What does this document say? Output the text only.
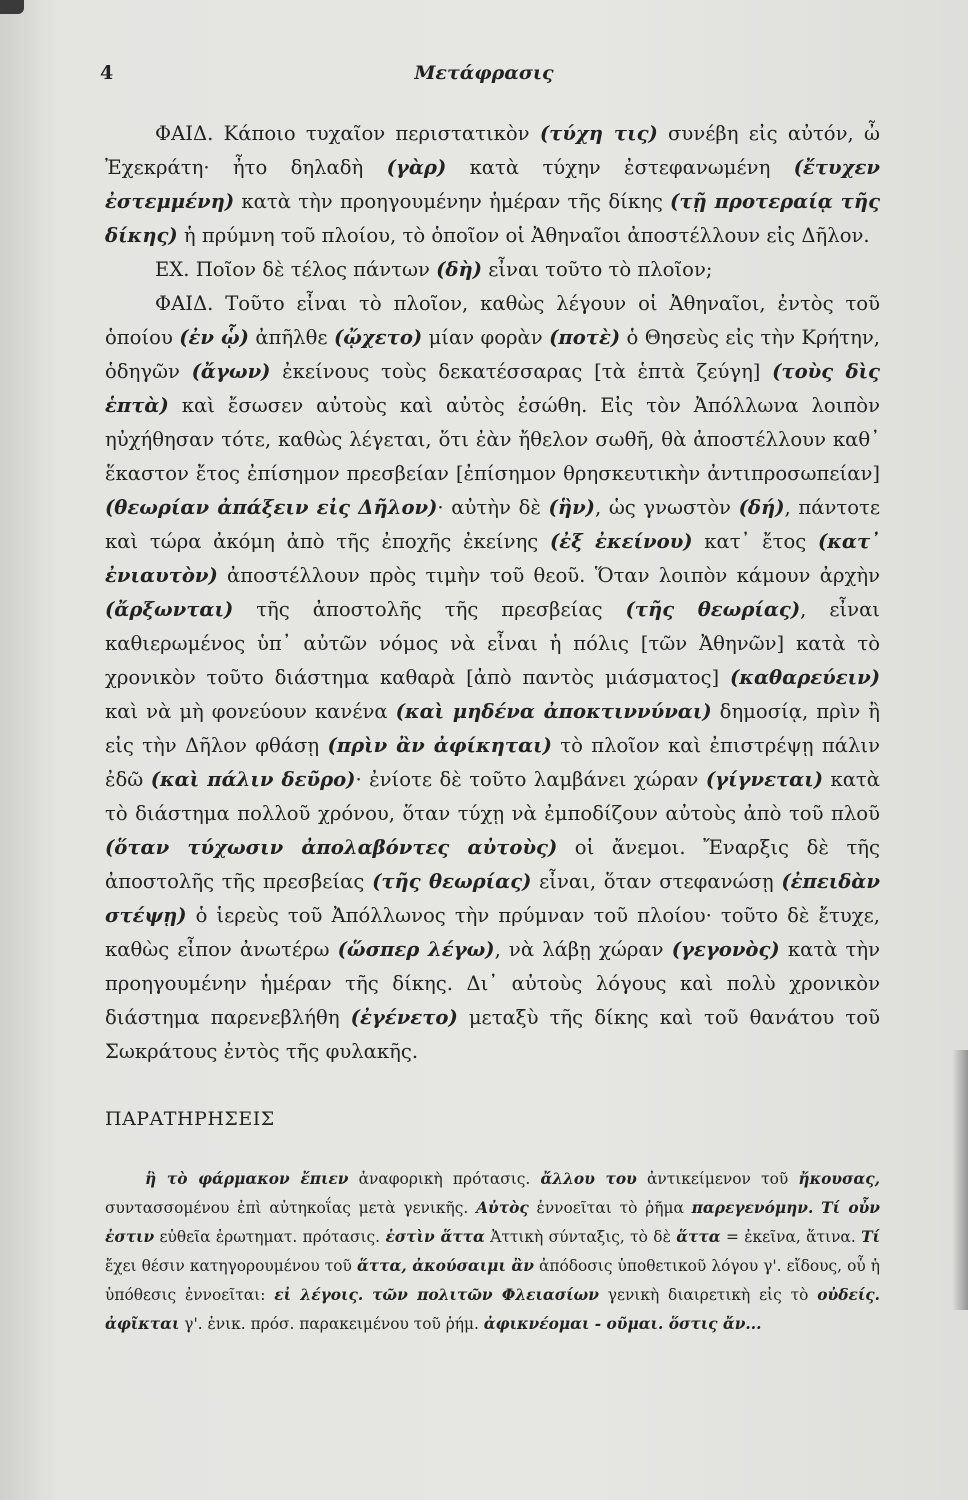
4	Μετάφρασις

ΦΑΙΔ. Κάποιο τυχαῖον περιστατικὸν (τύχη τις) συνέβη εἰς αὐτόν, ὦ Ἐχεκράτη· ἦτο δηλαδὴ (γὰρ) κατὰ τύχην ἐστεφανωμένη (ἔτυχεν ἐστεμμένη) κατὰ τὴν προηγουμένην ἡμέραν τῆς δίκης (τῇ προτεραίᾳ τῆς δίκης) ἡ πρύμνη τοῦ πλοίου, τὸ ὁποῖον οἱ Ἀθηναῖοι ἀποστέλλουν εἰς Δῆλον.

ΕΧ. Ποῖον δὲ τέλος πάντων (δὴ) εἶναι τοῦτο τὸ πλοῖον;

ΦΑΙΔ. Τοῦτο εἶναι τὸ πλοῖον, καθὼς λέγουν οἱ Ἀθηναῖοι, ἐντὸς τοῦ ὁποίου (ἐν ᾧ) ἀπῆλθε (ᾤχετο) μίαν φορὰν (ποτὲ) ὁ Θησεὺς εἰς τὴν Κρήτην, ὁδηγῶν (ἄγων) ἐκείνους τοὺς δεκατέσσαρας [τὰ ἑπτὰ ζεύγη] (τοὺς δὶς ἑπτὰ) καὶ ἔσωσεν αὐτοὺς καὶ αὐτὸς ἐσώθη. Εἰς τὸν Ἀπόλλωνα λοιπὸν ηὐχήθησαν τότε, καθὼς λέγεται, ὅτι ἐὰν ἤθελον σωθῆ, θὰ ἀποστέλλουν καθ᾽ ἕκαστον ἔτος ἐπίσημον πρεσβείαν [ἐπίσημον θρησκευτικὴν ἀντιπροσωπείαν] (θεωρίαν ἀπάξειν εἰς Δῆλον)· αὐτὴν δὲ (ἣν), ὡς γνωστὸν (δή), πάντοτε καὶ τώρα ἀκόμη ἀπὸ τῆς ἐποχῆς ἐκείνης (ἐξ ἐκείνου) κατ᾽ ἔτος (κατ᾽ ἐνιαυτὸν) ἀποστέλλουν πρὸς τιμὴν τοῦ θεοῦ. Ὅταν λοιπὸν κάμουν ἀρχὴν (ἄρξωνται) τῆς ἀποστολῆς τῆς πρεσβείας (τῆς θεωρίας), εἶναι καθιερωμένος ὑπ᾽ αὐτῶν νόμος νὰ εἶναι ἡ πόλις [τῶν Ἀθηνῶν] κατὰ τὸ χρονικὸν τοῦτο διάστημα καθαρὰ [ἀπὸ παντὸς μιάσματος] (καθαρεύειν) καὶ νὰ μὴ φονεύουν κανένα (καὶ μηδένα ἀποκτιννύναι) δημοσίᾳ, πρὶν ἢ εἰς τὴν Δῆλον φθάσῃ (πρὶν ἂν ἀφίκηται) τὸ πλοῖον καὶ ἐπιστρέψῃ πάλιν ἐδῶ (καὶ πάλιν δεῦρο)· ἐνίοτε δὲ τοῦτο λαμβάνει χώραν (γίγνεται) κατὰ τὸ διάστημα πολλοῦ χρόνου, ὅταν τύχῃ νὰ ἐμποδίζουν αὐτοὺς ἀπὸ τοῦ πλοῦ (ὅταν τύχωσιν ἀπολαβόντες αὐτοὺς) οἱ ἄνεμοι. Ἔναρξις δὲ τῆς ἀποστολῆς τῆς πρεσβείας (τῆς θεωρίας) εἶναι, ὅταν στεφανώσῃ (ἐπειδὰν στέψῃ) ὁ ἱερεὺς τοῦ Ἀπόλλωνος τὴν πρύμναν τοῦ πλοίου· τοῦτο δὲ ἔτυχε, καθὼς εἶπον ἀνωτέρω (ὥσπερ λέγω), νὰ λάβῃ χώραν (γεγονὸς) κατὰ τὴν προηγουμένην ἡμέραν τῆς δίκης. Δι᾽ αὐτοὺς λόγους καὶ πολὺ χρονικὸν διάστημα παρενεβλήθη (ἐγένετο) μεταξὺ τῆς δίκης καὶ τοῦ θανάτου τοῦ Σωκράτους ἐντὸς τῆς φυλακῆς.

ΠΑΡΑΤΗΡΗΣΕΙΣ

ἣ τὸ φάρμακον ἔπιεν ἀναφορικὴ πρότασις. ἄλλου του ἀντικείμενον τοῦ ἤκουσας, συντασσομένου ἐπὶ αὐτηκοΐας μετὰ γενικῆς. Αὐτὸς ἐννοεῖται τὸ ῥῆμα παρεγενόμην. Τί οὖν ἐστιν εὐθεῖα ἐρωτηματ. πρότασις. ἐστὶν ἅττα Ἀττικὴ σύνταξις, τὸ δὲ ἅττα = ἐκεῖνα, ἅτινα. Τί ἔχει θέσιν κατηγορουμένου τοῦ ἅττα, ἀκούσαιμι ἂν ἀπόδοσις ὑποθετικοῦ λόγου γ'. εἴδους, οὗ ἡ ὑπόθεσις ἐννοεῖται: εἰ λέγοις. τῶν πολιτῶν Φλειασίων γενικὴ διαιρετικὴ εἰς τὸ οὐδείς. ἀφῖκται γ'. ἑνικ. πρόσ. παρακειμένου τοῦ ῥήμ. ἀφικνέομαι - οῦμαι. ὅστις ἄν...
